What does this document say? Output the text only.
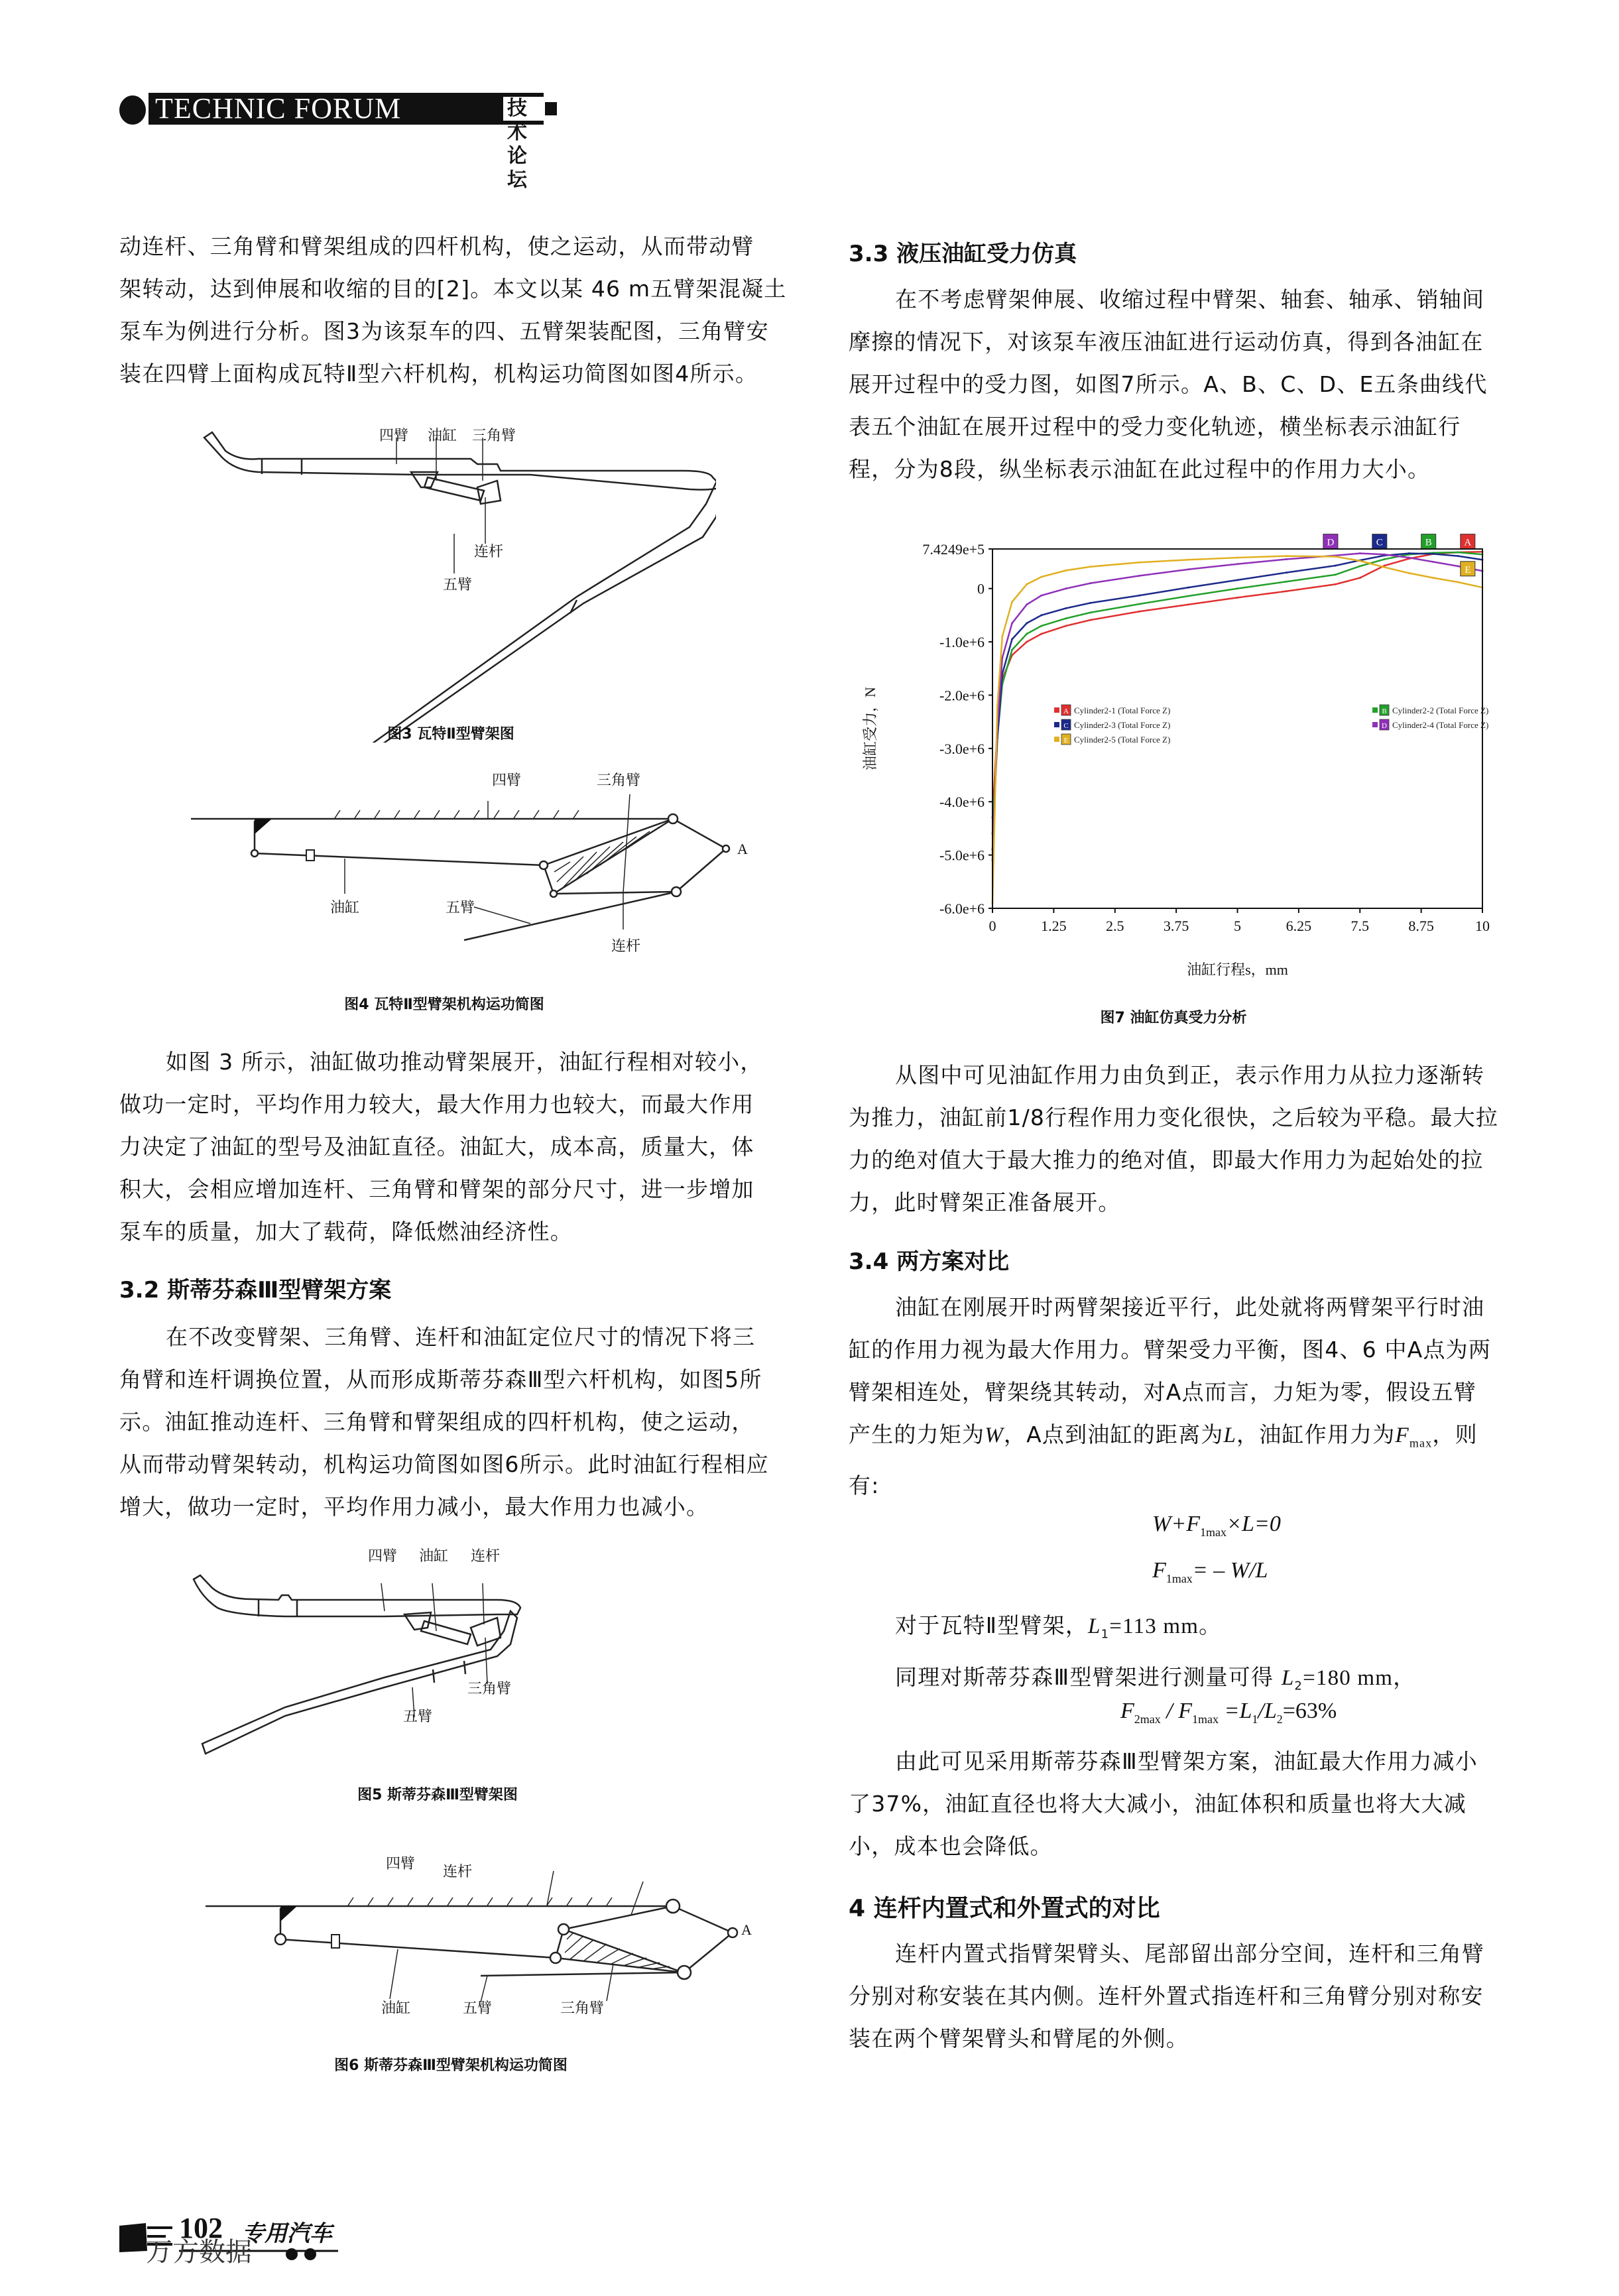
TECHNIC FORUM	技术论坛
动连杆、三角臂和臂架组成的四杆机构，使之运动，从而带动臂
架转动，达到伸展和收缩的目的[2]。本文以某 46 m五臂架混凝土
泵车为例进行分析。图3为该泵车的四、五臂架装配图，三角臂安
装在四臂上面构成瓦特Ⅱ型六杆机构，机构运功简图如图4所示。
四臂 油缸 三角臂
连杆
五臂
图3 瓦特Ⅱ型臂架图
四臂	三角臂
A
油缸	五臂
连杆
图4 瓦特Ⅱ型臂架机构运功简图
如图 3 所示，油缸做功推动臂架展开，油缸行程相对较小，
做功一定时，平均作用力较大，最大作用力也较大，而最大作用
力决定了油缸的型号及油缸直径。油缸大，成本高，质量大，体
积大，会相应增加连杆、三角臂和臂架的部分尺寸，进一步增加
泵车的质量，加大了载荷，降低燃油经济性。
3.2 斯蒂芬森Ⅲ型臂架方案
在不改变臂架、三角臂、连杆和油缸定位尺寸的情况下将三
角臂和连杆调换位置，从而形成斯蒂芬森Ⅲ型六杆机构，如图5所
示。油缸推动连杆、三角臂和臂架组成的四杆机构，使之运动，
从而带动臂架转动，机构运功简图如图6所示。此时油缸行程相应
增大，做功一定时，平均作用力减小，最大作用力也减小。
四臂 油缸 连杆
三角臂
五臂
图5 斯蒂芬森Ⅲ型臂架图
四臂 连杆
A
油缸	五臂	三角臂
图6 斯蒂芬森Ⅲ型臂架机构运功简图
3.3 液压油缸受力仿真
在不考虑臂架伸展、收缩过程中臂架、轴套、轴承、销轴间
摩擦的情况下，对该泵车液压油缸进行运动仿真，得到各油缸在
展开过程中的受力图，如图7所示。A、B、C、D、E五条曲线代
表五个油缸在展开过程中的受力变化轨迹，横坐标表示油缸行
程，分为8段，纵坐标表示油缸在此过程中的作用力大小。
A
B
C
D
E
7.4249e+5
0
-1.0e+6
-2.0e+6
-3.0e+6
-4.0e+6
-5.0e+6
-6.0e+6
0	1.25	2.5	3.75	5	6.25	7.5	8.75	10
油缸行程s，mm
油缸受力，N	A Cylinder2-1 (Total Force Z)	B Cylinder2-2 (Total Force Z)
C Cylinder2-3 (Total Force Z)	D Cylinder2-4 (Total Force Z)
E Cylinder2-5 (Total Force Z)
图7 油缸仿真受力分析
从图中可见油缸作用力由负到正，表示作用力从拉力逐渐转
为推力，油缸前1/8行程作用力变化很快，之后较为平稳。最大拉
力的绝对值大于最大推力的绝对值，即最大作用力为起始处的拉
力，此时臂架正准备展开。
3.4 两方案对比
油缸在刚展开时两臂架接近平行，此处就将两臂架平行时油
缸的作用力视为最大作用力。臂架受力平衡，图4、6 中A点为两
臂架相连处，臂架绕其转动，对A点而言，力矩为零，假设五臂
产生的力矩为W，A点到油缸的距离为L，油缸作用力为$F_{max}$，则
有:
$W+F_{1max}\times L=0$
$F_{1max}= - W/L$
对于瓦特Ⅱ型臂架，$L_1=113$ mm。
同理对斯蒂芬森Ⅲ型臂架进行测量可得 $L_2=180$ mm，
$F_{2max} / F_{1max} =L_1/L_2=63\%$
由此可见采用斯蒂芬森Ⅲ型臂架方案，油缸最大作用力减小
了37%，油缸直径也将大大减小，油缸体积和质量也将大大减
小，成本也会降低。
4 连杆内置式和外置式的对比
连杆内置式指臂架臂头、尾部留出部分空间，连杆和三角臂
分别对称安装在其内侧。连杆外置式指连杆和三角臂分别对称安
装在两个臂架臂头和臂尾的外侧。
102 专用汽车
万方数据
